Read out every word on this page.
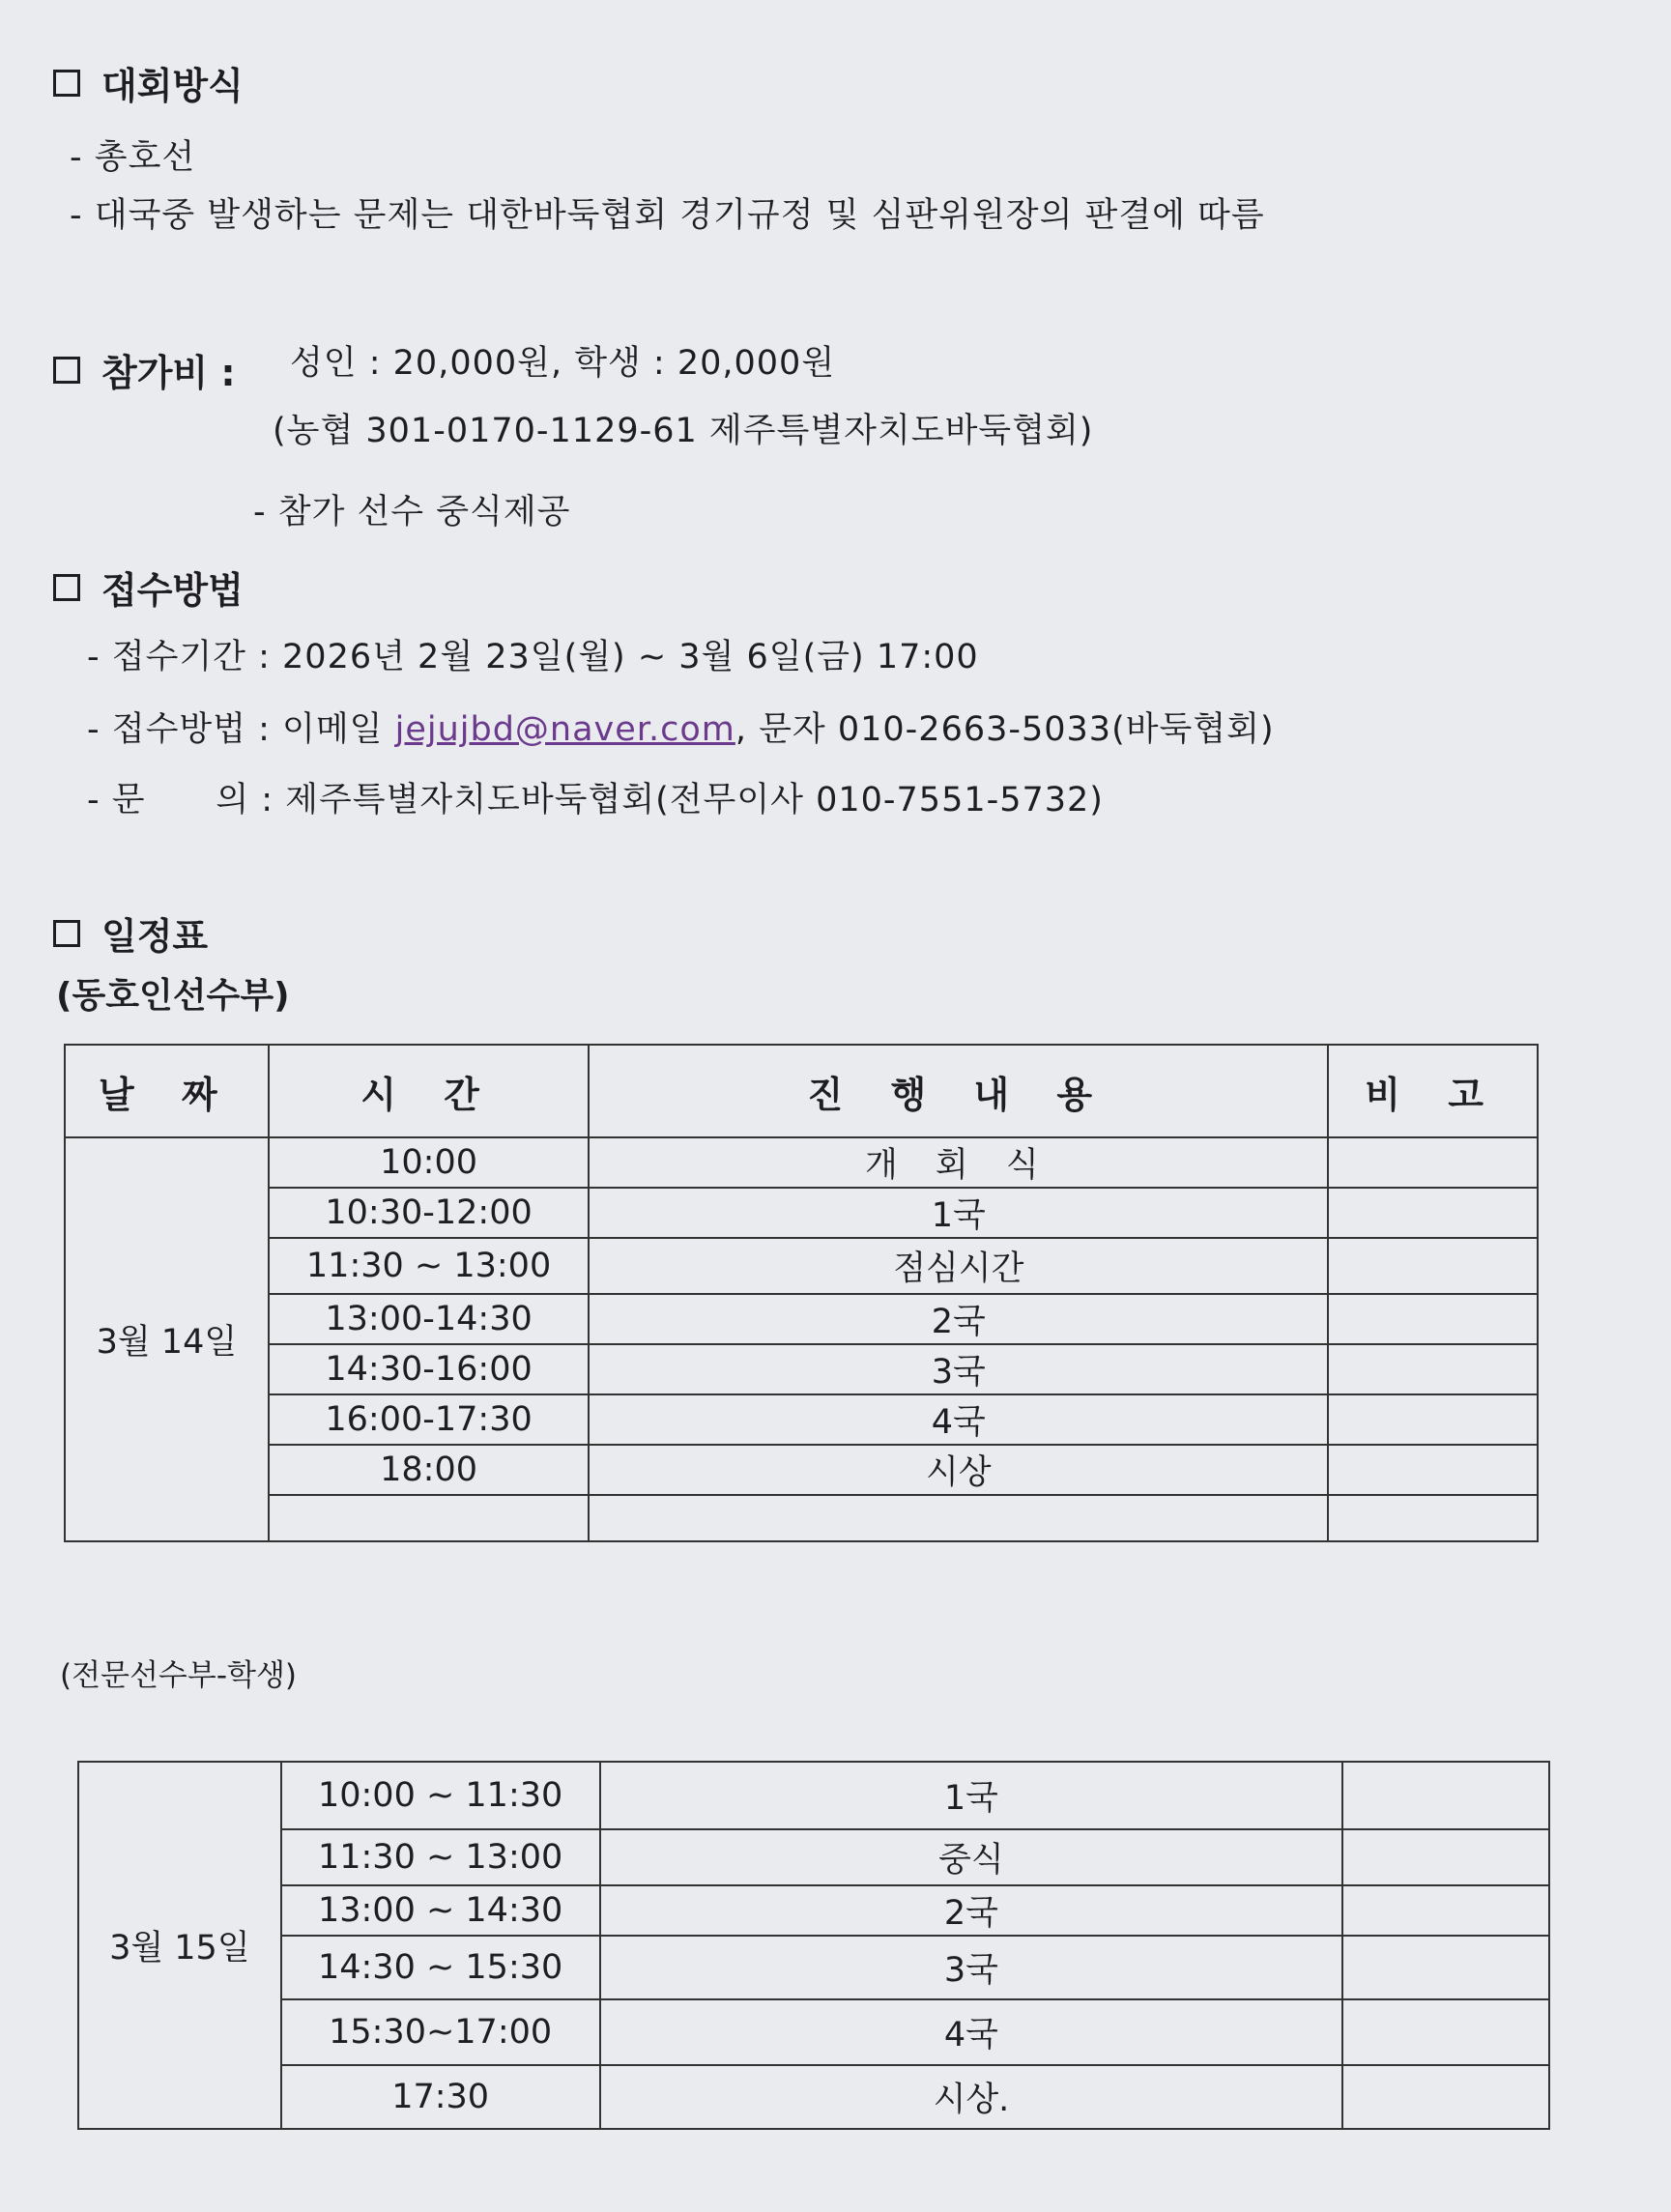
대회방식
- 총호선
- 대국중 발생하는 문제는 대한바둑협회 경기규정 및 심판위원장의 판결에 따름
참가비 : 성인 : 20,000원, 학생 : 20,000원
(농협 301-0170-1129-61 제주특별자치도바둑협회)
- 참가 선수 중식제공
접수방법
- 접수기간 : 2026년 2월 23일(월) ~ 3월 6일(금) 17:00
- 접수방법 : 이메일 jejujbd@naver.com, 문자 010-2663-5033(바둑협회)
- 문      의 : 제주특별자치도바둑협회(전무이사 010-7551-5732)
일정표
(동호인선수부)
날 짜	시 간	진 행 내 용	비 고
3월 14일	10:00	개 회 식	
	10:30-12:00	1국	
	11:30 ~ 13:00	점심시간	
	13:00-14:30	2국	
	14:30-16:00	3국	
	16:00-17:30	4국	
	18:00	시상	

(전문선수부-학생)
3월 15일	10:00 ~ 11:30	1국	
	11:30 ~ 13:00	중식	
	13:00 ~ 14:30	2국	
	14:30 ~ 15:30	3국	
	15:30~17:00	4국	
	17:30	시상.	
